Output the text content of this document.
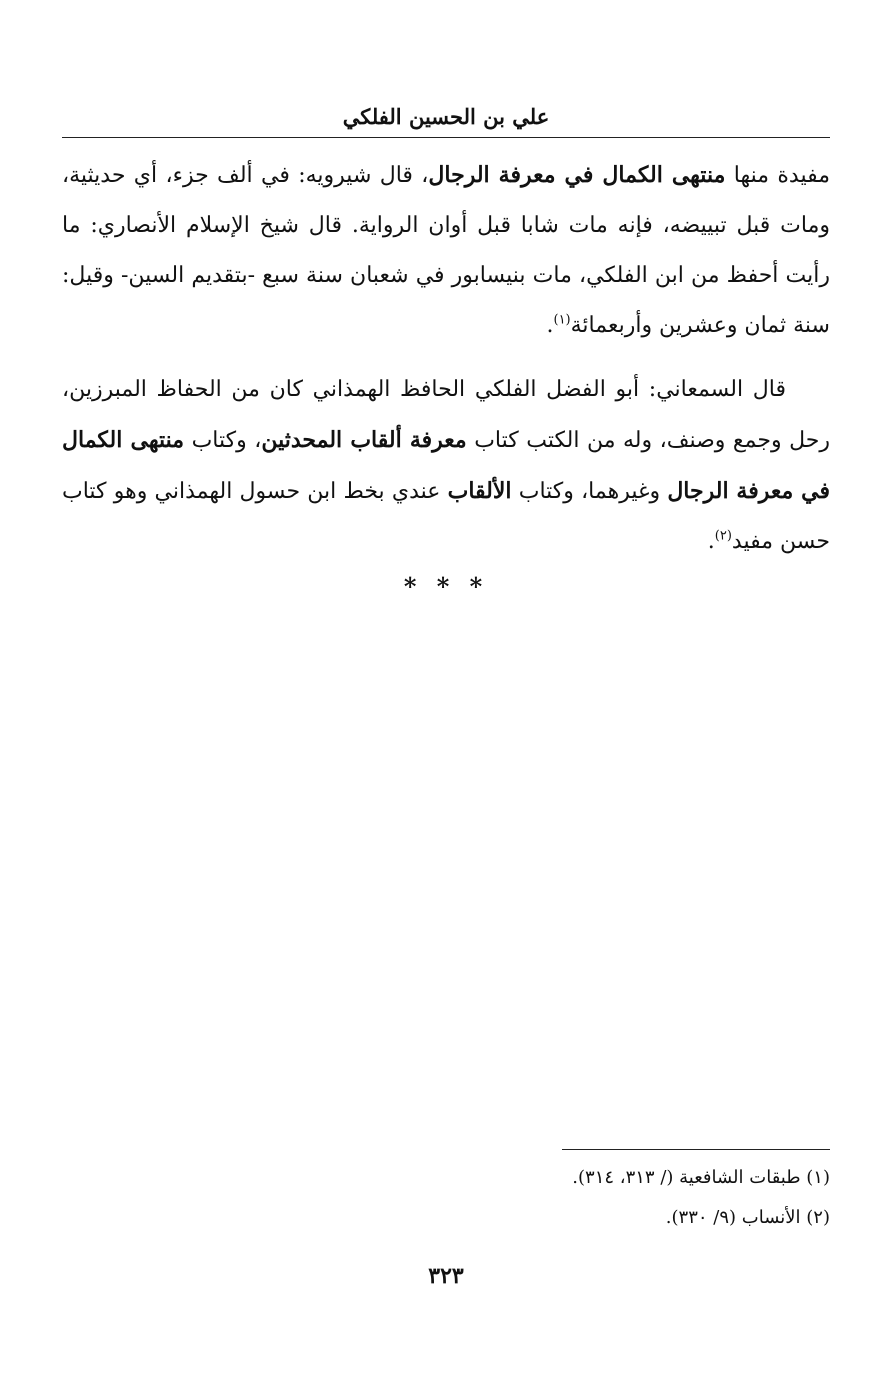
علي بن الحسين الفلكي

مفيدة منها منتهى الكمال في معرفة الرجال، قال شيرويه: في ألف جزء، أي حديثية، ومات قبل تبييضه، فإنه مات شابا قبل أوان الرواية. قال شيخ الإسلام الأنصاري: ما رأيت أحفظ من ابن الفلكي، مات بنيسابور في شعبان سنة سبع -بتقديم السين- وقيل: سنة ثمان وعشرين وأربعمائة$^{(١)}$.

قال السمعاني: أبو الفضل الفلكي الحافظ الهمذاني كان من الحفاظ المبرزين، رحل وجمع وصنف، وله من الكتب كتاب معرفة ألقاب المحدثين، وكتاب منتهى الكمال في معرفة الرجال وغيرهما، وكتاب الألقاب عندي بخط ابن حسول الهمذاني وهو كتاب حسن مفيد$^{(٢)}$.

* * *

(١) طبقات الشافعية (/ ٣١٣، ٣١٤).

(٢) الأنساب (٩/ ٣٣٠).

٣٢٣
